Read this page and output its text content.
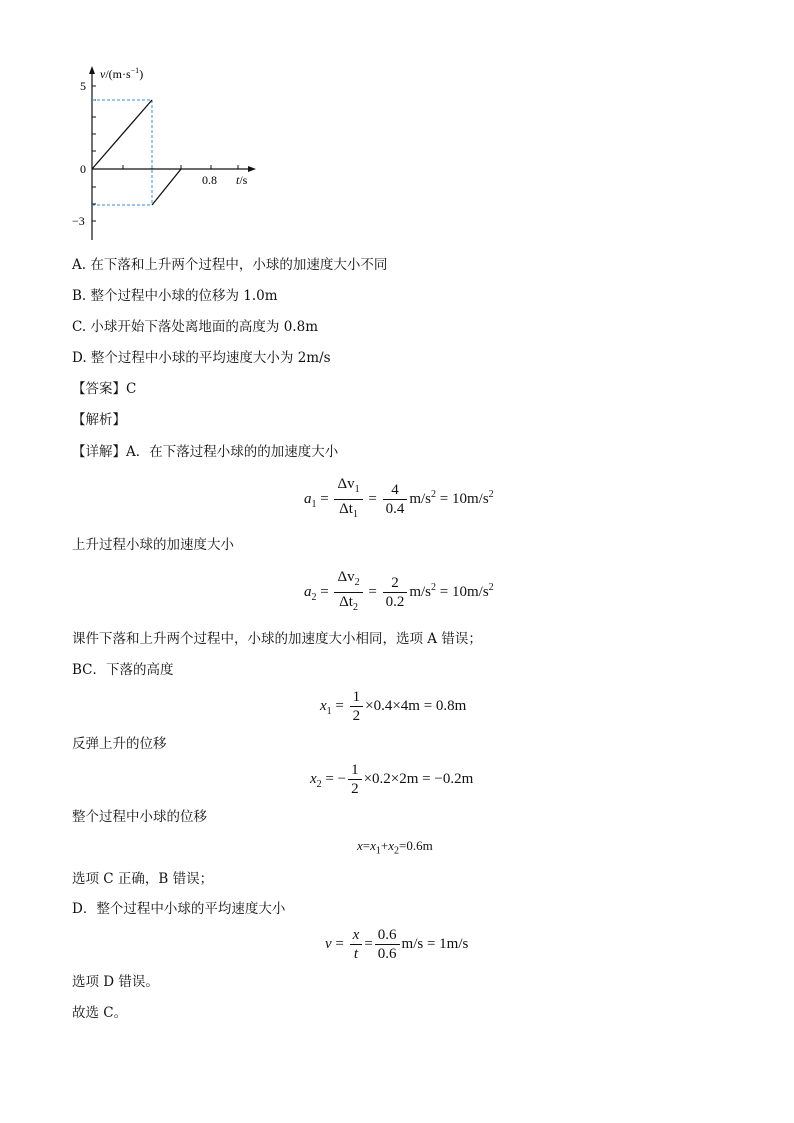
$v/(m\cdot s^{-1})$
5
0
−3
0.8 t/s
A. 在下落和上升两个过程中，小球的加速度大小不同
B. 整个过程中小球的位移为 1.0m
C. 小球开始下落处离地面的高度为 0.8m
D. 整个过程中小球的平均速度大小为 2m/s
【答案】C
【解析】
【详解】A．在下落过程小球的的加速度大小
$a_1 = \frac{\Delta v_1}{\Delta t_1} = \frac{4}{0.4} m/s^2 = 10m/s^2$
上升过程小球的加速度大小
$a_2 = \frac{\Delta v_2}{\Delta t_2} = \frac{2}{0.2} m/s^2 = 10m/s^2$
课件下落和上升两个过程中，小球的加速度大小相同，选项 A 错误；
BC．下落的高度
$x_1 = \frac{1}{2} \times 0.4\times 4m = 0.8m$
反弹上升的位移
$x_2$ = − $\frac{1}{2} \times 0.2\times 2m = -0.2m$
整个过程中小球的位移
$x=x_1+x_2=0.6m$
选项 C 正确，B 错误；
D．整个过程中小球的平均速度大小
$v = \frac{x}{t} = \frac{0.6}{0.6} m/s = 1m/s$
选项 D 错误。
故选 C。
